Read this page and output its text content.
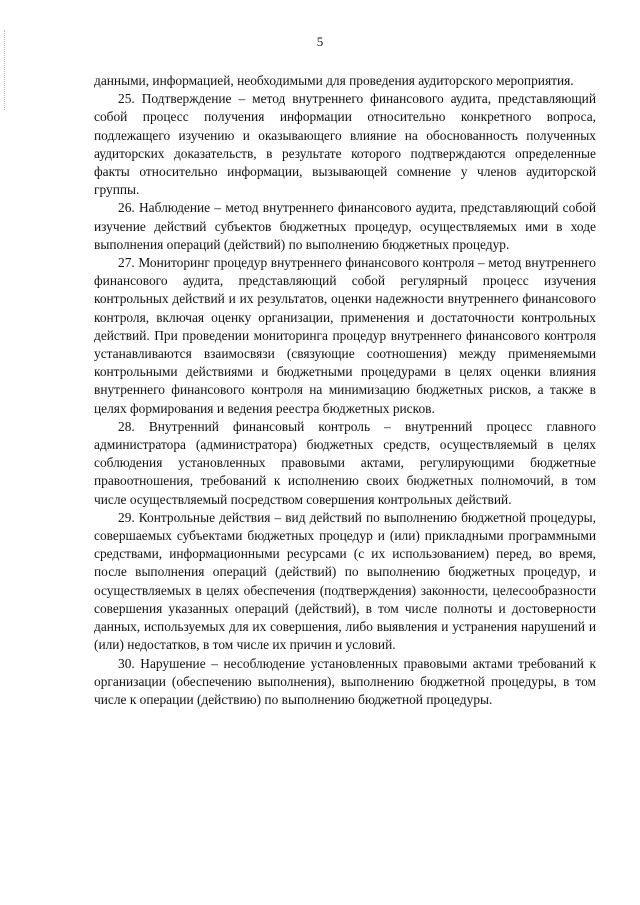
5

данными, информацией, необходимыми для проведения аудиторского мероприятия.

25. Подтверждение – метод внутреннего финансового аудита, представляющий собой процесс получения информации относительно конкретного вопроса, подлежащего изучению и оказывающего влияние на обоснованность полученных аудиторских доказательств, в результате которого подтверждаются определенные факты относительно информации, вызывающей сомнение у членов аудиторской группы.

26. Наблюдение – метод внутреннего финансового аудита, представляющий собой изучение действий субъектов бюджетных процедур, осуществляемых ими в ходе выполнения операций (действий) по выполнению бюджетных процедур.

27. Мониторинг процедур внутреннего финансового контроля – метод внутреннего финансового аудита, представляющий собой регулярный процесс изучения контрольных действий и их результатов, оценки надежности внутреннего финансового контроля, включая оценку организации, применения и достаточности контрольных действий. При проведении мониторинга процедур внутреннего финансового контроля устанавливаются взаимосвязи (связующие соотношения) между применяемыми контрольными действиями и бюджетными процедурами в целях оценки влияния внутреннего финансового контроля на минимизацию бюджетных рисков, а также в целях формирования и ведения реестра бюджетных рисков.

28. Внутренний финансовый контроль – внутренний процесс главного администратора (администратора) бюджетных средств, осуществляемый в целях соблюдения установленных правовыми актами, регулирующими бюджетные правоотношения, требований к исполнению своих бюджетных полномочий, в том числе осуществляемый посредством совершения контрольных действий.

29. Контрольные действия – вид действий по выполнению бюджетной процедуры, совершаемых субъектами бюджетных процедур и (или) прикладными программными средствами, информационными ресурсами (с их использованием) перед, во время, после выполнения операций (действий) по выполнению бюджетных процедур, и осуществляемых в целях обеспечения (подтверждения) законности, целесообразности совершения указанных операций (действий), в том числе полноты и достоверности данных, используемых для их совершения, либо выявления и устранения нарушений и (или) недостатков, в том числе их причин и условий.

30. Нарушение – несоблюдение установленных правовыми актами требований к организации (обеспечению выполнения), выполнению бюджетной процедуры, в том числе к операции (действию) по выполнению бюджетной процедуры.
